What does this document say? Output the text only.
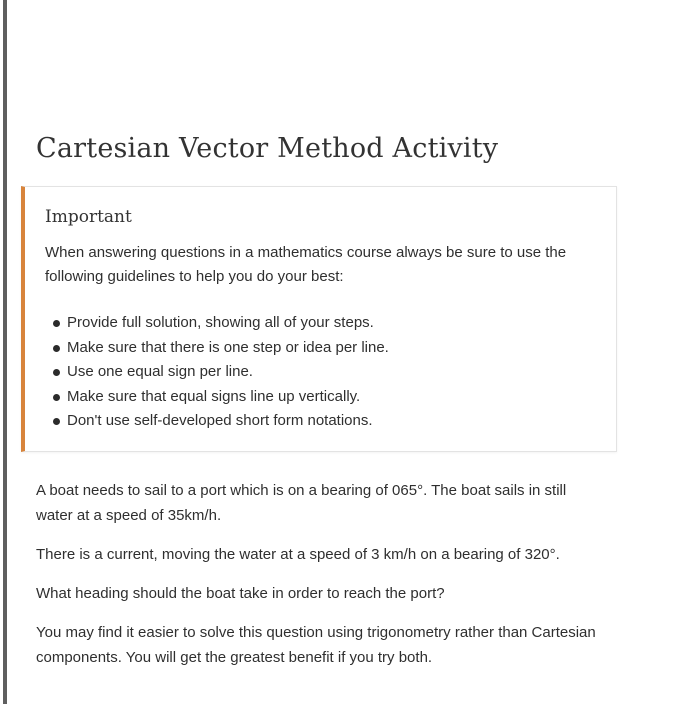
Cartesian Vector Method Activity
Important

When answering questions in a mathematics course always be sure to use the following guidelines to help you do your best:

Provide full solution, showing all of your steps.
Make sure that there is one step or idea per line.
Use one equal sign per line.
Make sure that equal signs line up vertically.
Don't use self-developed short form notations.

A boat needs to sail to a port which is on a bearing of 065°. The boat sails in still water at a speed of 35km/h.

There is a current, moving the water at a speed of 3 km/h on a bearing of 320°.

What heading should the boat take in order to reach the port?

You may find it easier to solve this question using trigonometry rather than Cartesian components. You will get the greatest benefit if you try both.
